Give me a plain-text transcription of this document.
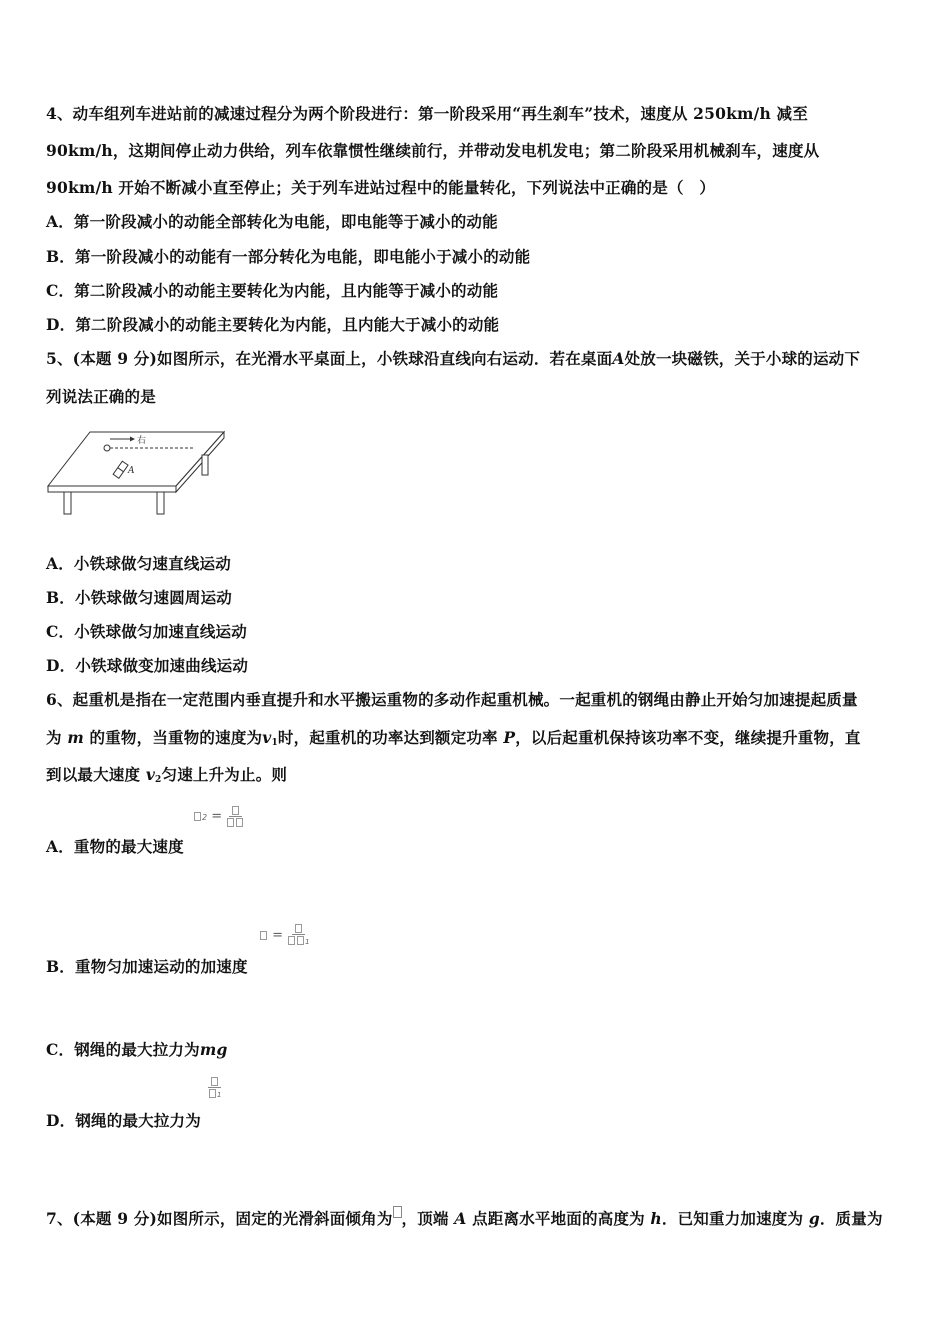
4、动车组列车进站前的减速过程分为两个阶段进行：第一阶段采用“再生刹车”技术，速度从 250km/h 减至
90km/h，这期间停止动力供给，列车依靠惯性继续前行，并带动发电机发电；第二阶段采用机械刹车，速度从
90km/h 开始不断减小直至停止；关于列车进站过程中的能量转化，下列说法中正确的是（　）
A．第一阶段减小的动能全部转化为电能，即电能等于减小的动能
B．第一阶段减小的动能有一部分转化为电能，即电能小于减小的动能
C．第二阶段减小的动能主要转化为内能，且内能等于减小的动能
D．第二阶段减小的动能主要转化为内能，且内能大于减小的动能
5、(本题 9 分)如图所示，在光滑水平桌面上，小铁球沿直线向右运动．若在桌面A处放一块磁铁，关于小球的运动下
列说法正确的是
右
A
A．小铁球做匀速直线运动
B．小铁球做匀速圆周运动
C．小铁球做匀加速直线运动
D．小铁球做变加速曲线运动
6、起重机是指在一定范围内垂直提升和水平搬运重物的多动作起重机械。一起重机的钢绳由静止开始匀加速提起质量
为 m 的重物，当重物的速度为$v_1$时，起重机的功率达到额定功率 P，以后起重机保持该功率不变，继续提升重物，直
到以最大速度 $v_2$匀速上升为止。则
2 =
A．重物的最大速度
=	1
B．重物匀加速运动的加速度
C．钢绳的最大拉力为mg
1
D．钢绳的最大拉力为
7、(本题 9 分)如图所示，固定的光滑斜面倾角为 ，顶端 A 点距离水平地面的高度为 h．已知重力加速度为 g．质量为
